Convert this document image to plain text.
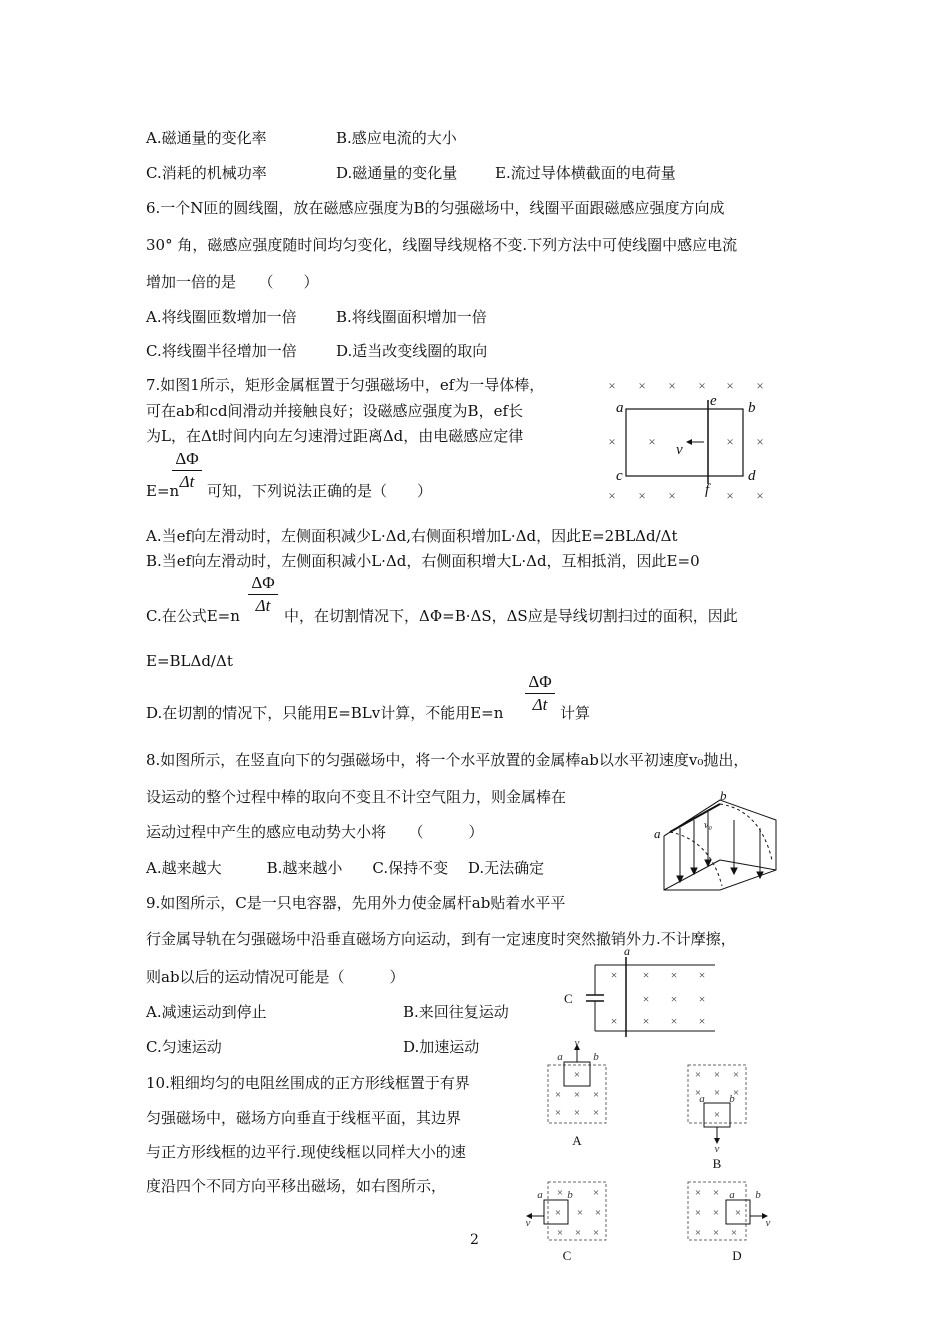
A.磁通量的变化率	B.感应电流的大小
C.消耗的机械功率	D.磁通量的变化量	E.流过导体横截面的电荷量
6.一个N匝的圆线圈，放在磁感应强度为B的匀强磁场中，线圈平面跟磁感应强度方向成
30° 角，磁感应强度随时间均匀变化，线圈导线规格不变.下列方法中可使线圈中感应电流
增加一倍的是　　（　　）
A.将线圈匝数增加一倍	B.将线圈面积增加一倍
C.将线圈半径增加一倍	D.适当改变线圈的取向
7.如图1所示，矩形金属框置于匀强磁场中，ef为一导体棒，
可在ab和cd间滑动并接触良好；设磁感应强度为B，ef长
为L，在Δt时间内向左匀速滑过距离Δd，由电磁感应定律
ΔΦ
Δt
E=n 可知，下列说法正确的是（　　）
× × × × × ×
×	×
×	×
× × ×	× ×
a	e b
c	d
f
v
A.当ef向左滑动时，左侧面积减少L·Δd,右侧面积增加L·Δd，因此E=2BLΔd/Δt
B.当ef向左滑动时，左侧面积减小L·Δd，右侧面积增大L·Δd，互相抵消，因此E=0
ΔΦ
Δt
C.在公式E=n	中，在切割情况下，ΔΦ=B·ΔS，ΔS应是导线切割扫过的面积，因此
E=BLΔd/Δt
ΔΦ
Δt
D.在切割的情况下，只能用E=BLv计算，不能用E=n	计算
8.如图所示，在竖直向下的匀强磁场中，将一个水平放置的金属棒ab以水平初速度v₀抛出，
设运动的整个过程中棒的取向不变且不计空气阻力，则金属棒在
运动过程中产生的感应电动势大小将　　（　　　）
A.越来越大　　　B.越来越小　　C.保持不变　 D.无法确定
a
b
v₀
9.如图所示，C是一只电容器，先用外力使金属杆ab贴着水平平
行金属导轨在匀强磁场中沿垂直磁场方向运动，到有一定速度时突然撤销外力.不计摩擦，
则ab以后的运动情况可能是（　　　）
A.减速运动到停止	B.来回往复运动
C.匀速运动	D.加速运动
× × × ×
× × ×
× × × ×
C
a
10.粗细均匀的电阻丝围成的正方形线框置于有界
匀强磁场中，磁场方向垂直于线框平面，其边界
与正方形线框的边平行.现使线框以同样大小的速
度沿四个不同方向平移出磁场，如右图所示，
a	b
v
×
× × ×
× × ×
A
× × ×
× × ×
×
a b
v
B
a b
v
×	×
× × ×
× × ×
C
a b
v
× ×
× × ×
× × ×
D
2
